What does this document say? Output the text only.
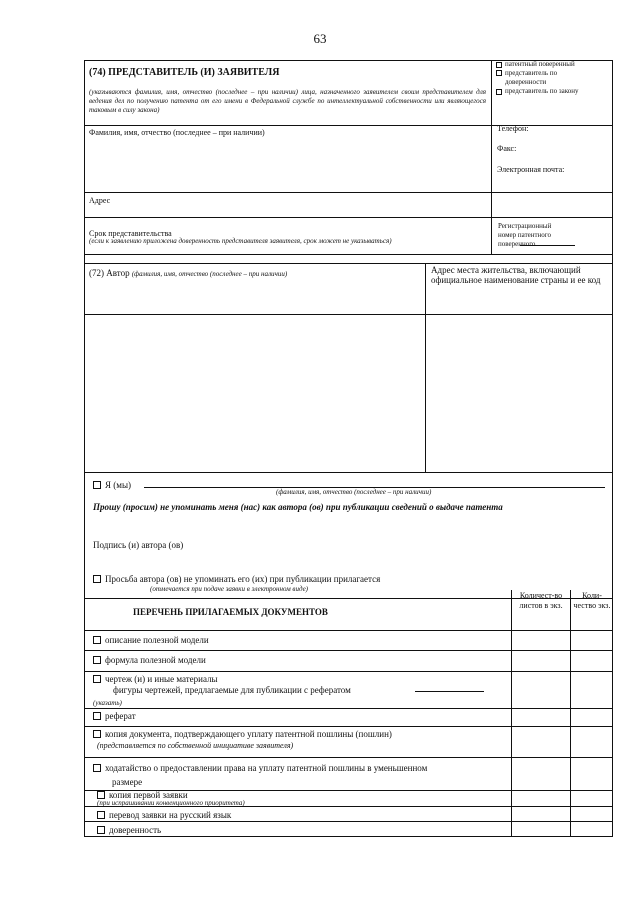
63
(74) ПРЕДСТАВИТЕЛЬ (И) ЗАЯВИТЕЛЯ
(указываются фамилия, имя, отчество (последнее – при наличии) лица, назначенного заявителем своим представителем для ведения дел по получению патента от его имени в Федеральной службе по интеллектуальной собственности или являющегося таковым в силу закона)
патентный поверенный
представитель по доверенности
представитель по закону
Фамилия, имя, отчество (последнее – при наличии)	Телефон:
Факс:
Электронная почта:
Адрес
Срок представительства
(если к заявлению приложена доверенность представителя заявителя, срок может не указываться)
Регистрационный номер патентного поверенного
(72) Автор (фамилия, имя, отчество (последнее – при наличии)	Адрес места жительства, включающий официальное наименование страны и ее код
Я (мы)
(фамилия, имя, отчество (последнее – при наличии)
Прошу (просим) не упоминать меня (нас) как автора (ов) при публикации сведений о выдаче патента
Подпись (и) автора (ов)
Просьба автора (ов) не упоминать его (их) при публикации прилагается
(отмечается при подаче заявки в электронном виде)
ПЕРЕЧЕНЬ ПРИЛАГАЕМЫХ ДОКУМЕНТОВ
Количест-во листов в экз.
Коли-чество экз.
описание полезной модели
формула полезной модели
чертеж (и) и иные материалы
фигуры чертежей, предлагаемые для публикации с рефератом
(указать)
реферат
копия документа, подтверждающего уплату патентной пошлины (пошлин)
(представляется по собственной инициативе заявителя)
ходатайство о предоставлении права на уплату патентной пошлины в уменьшенном
размере
копия первой заявки
(при испрашивании конвенционного приоритета)
перевод заявки на русский язык
доверенность
